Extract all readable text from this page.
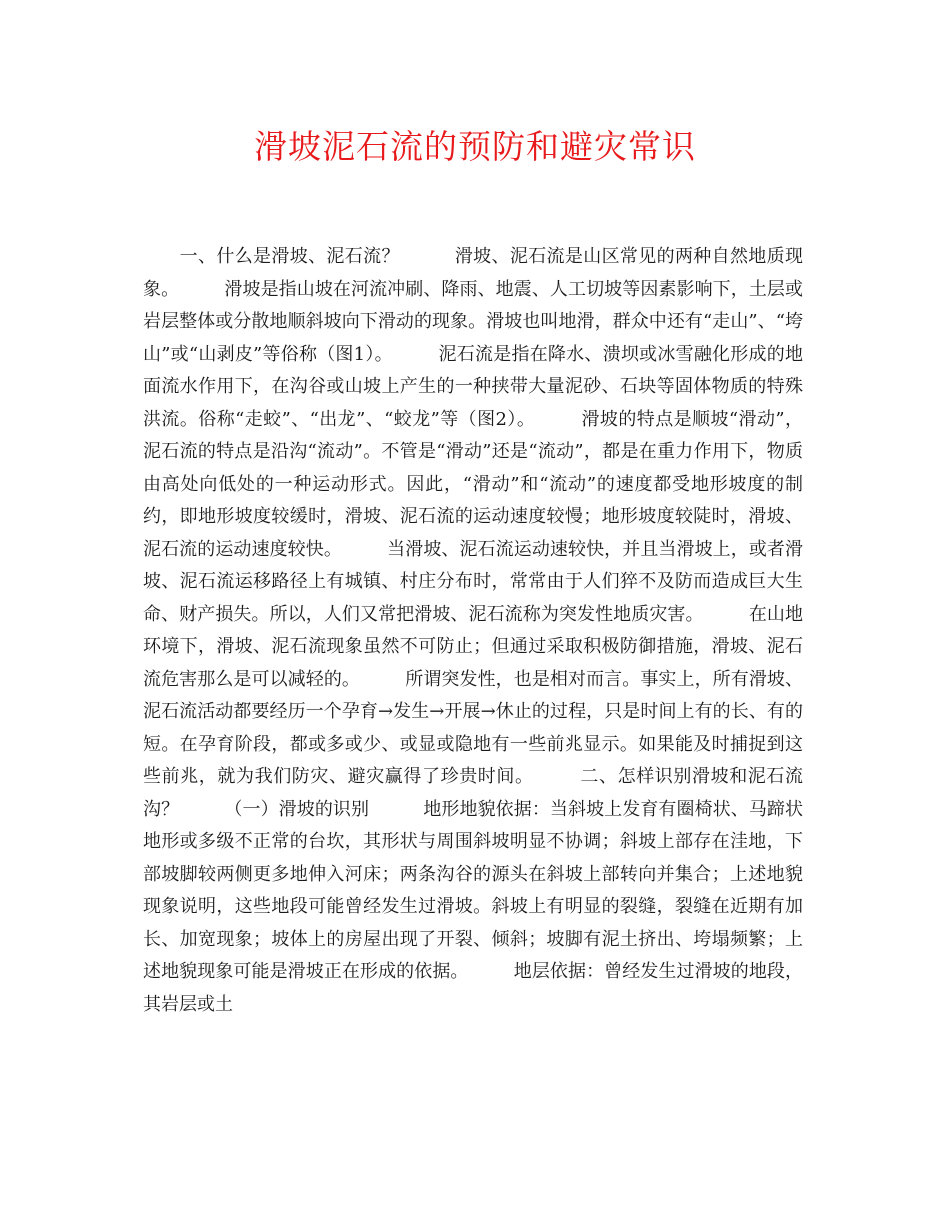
滑坡泥石流的预防和避灾常识

　　一、什么是滑坡、泥石流？　　　滑坡、泥石流是山区常见的两种自然地质现象。　　　滑坡是指山坡在河流冲刷、降雨、地震、人工切坡等因素影响下，土层或岩层整体或分散地顺斜坡向下滑动的现象。滑坡也叫地滑，群众中还有“走山”、“垮山”或“山剥皮”等俗称（图1）。　　　泥石流是指在降水、溃坝或冰雪融化形成的地面流水作用下，在沟谷或山坡上产生的一种挟带大量泥砂、石块等固体物质的特殊洪流。俗称“走蛟”、“出龙”、“蛟龙”等（图2）。　　　滑坡的特点是顺坡“滑动”，泥石流的特点是沿沟“流动”。不管是“滑动”还是“流动”，都是在重力作用下，物质由高处向低处的一种运动形式。因此，“滑动”和“流动”的速度都受地形坡度的制约，即地形坡度较缓时，滑坡、泥石流的运动速度较慢；地形坡度较陡时，滑坡、泥石流的运动速度较快。　　　当滑坡、泥石流运动速较快，并且当滑坡上，或者滑坡、泥石流运移路径上有城镇、村庄分布时，常常由于人们猝不及防而造成巨大生命、财产损失。所以，人们又常把滑坡、泥石流称为突发性地质灾害。　　　在山地环境下，滑坡、泥石流现象虽然不可防止；但通过采取积极防御措施，滑坡、泥石流危害那么是可以减轻的。　　　所谓突发性，也是相对而言。事实上，所有滑坡、泥石流活动都要经历一个孕育→发生→开展→休止的过程，只是时间上有的长、有的短。在孕育阶段，都或多或少、或显或隐地有一些前兆显示。如果能及时捕捉到这些前兆，就为我们防灾、避灾赢得了珍贵时间。　　　二、怎样识别滑坡和泥石流沟？　　　（一）滑坡的识别　　　地形地貌依据：当斜坡上发育有圈椅状、马蹄状地形或多级不正常的台坎，其形状与周围斜坡明显不协调；斜坡上部存在洼地，下部坡脚较两侧更多地伸入河床；两条沟谷的源头在斜坡上部转向并集合；上述地貌现象说明，这些地段可能曾经发生过滑坡。斜坡上有明显的裂缝，裂缝在近期有加长、加宽现象；坡体上的房屋出现了开裂、倾斜；坡脚有泥土挤出、垮塌频繁；上述地貌现象可能是滑坡正在形成的依据。　　　地层依据：曾经发生过滑坡的地段，其岩层或土
